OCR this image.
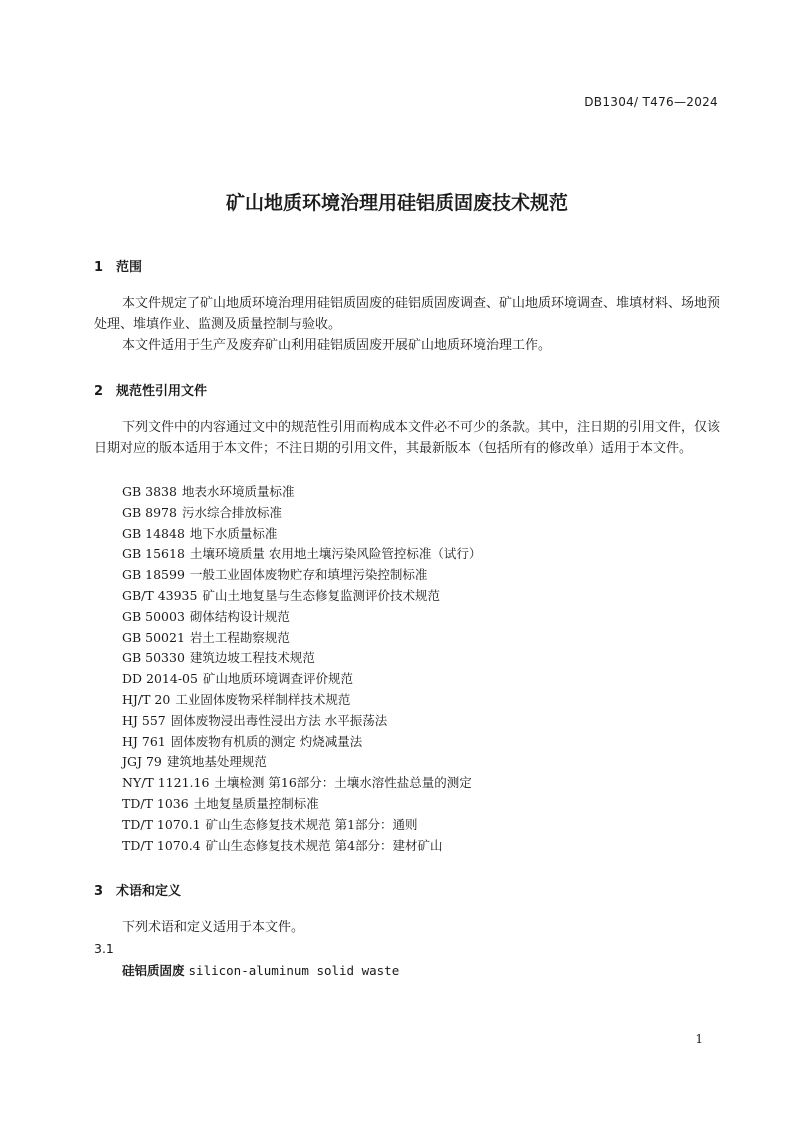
DB1304/ T476—2024
矿山地质环境治理用硅铝质固废技术规范
1 范围

本文件规定了矿山地质环境治理用硅铝质固废的硅铝质固废调查、矿山地质环境调查、堆填材料、场地预处理、堆填作业、监测及质量控制与验收。

本文件适用于生产及废弃矿山利用硅铝质固废开展矿山地质环境治理工作。

2 规范性引用文件

下列文件中的内容通过文中的规范性引用而构成本文件必不可少的条款。其中，注日期的引用文件，仅该日期对应的版本适用于本文件；不注日期的引用文件，其最新版本（包括所有的修改单）适用于本文件。

GB 3838 地表水环境质量标准
GB 8978 污水综合排放标准
GB 14848 地下水质量标准
GB 15618 土壤环境质量 农用地土壤污染风险管控标准（试行）
GB 18599 一般工业固体废物贮存和填埋污染控制标准
GB/T 43935 矿山土地复垦与生态修复监测评价技术规范
GB 50003 砌体结构设计规范
GB 50021 岩土工程勘察规范
GB 50330 建筑边坡工程技术规范
DD 2014-05 矿山地质环境调查评价规范
HJ/T 20 工业固体废物采样制样技术规范
HJ 557 固体废物浸出毒性浸出方法 水平振荡法
HJ 761 固体废物有机质的测定 灼烧减量法
JGJ 79 建筑地基处理规范
NY/T 1121.16 土壤检测 第16部分：土壤水溶性盐总量的测定
TD/T 1036 土地复垦质量控制标准
TD/T 1070.1 矿山生态修复技术规范 第1部分：通则
TD/T 1070.4 矿山生态修复技术规范 第4部分：建材矿山
3 术语和定义

下列术语和定义适用于本文件。

3.1
硅铝质固废 silicon-aluminum solid waste
1
